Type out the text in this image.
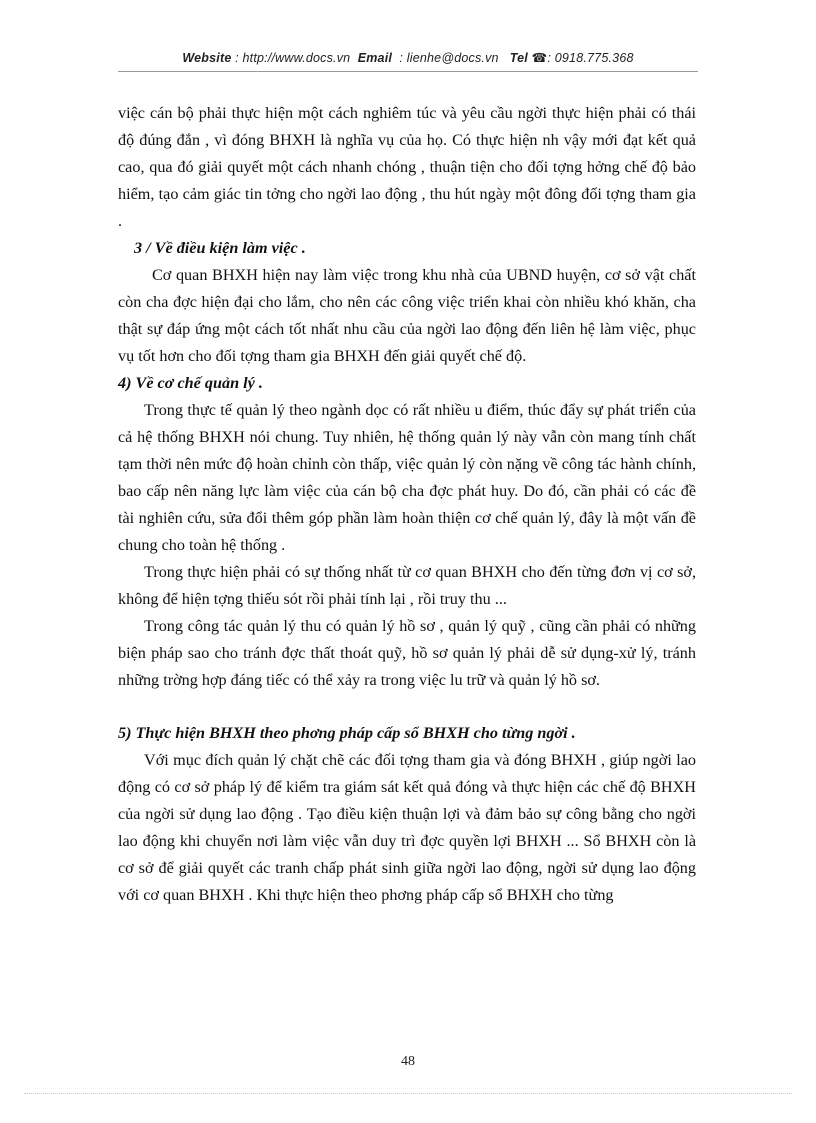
Website : http://www.docs.vn Email : lienhe@docs.vn Tel ☎: 0918.775.368

việc cán bộ phải thực hiện một cách nghiêm túc và yêu cầu ngời thực hiện phải có thái độ đúng đắn , vì đóng BHXH là nghĩa vụ của họ. Có thực hiện nh vậy mới đạt kết quả cao, qua đó giải quyết một cách nhanh chóng , thuận tiện cho đối tợng hởng chế độ bảo hiểm, tạo cảm giác tin tởng cho ngời lao động , thu hút ngày một đông đối tợng tham gia .

3 / Về điều kiện làm việc .

Cơ quan BHXH hiện nay làm việc trong khu nhà của UBND huyện, cơ sở vật chất còn cha đợc hiện đại cho lắm, cho nên các công việc triển khai còn nhiều khó khăn, cha thật sự đáp ứng một cách tốt nhất nhu cầu của ngời lao động đến liên hệ làm việc, phục vụ tốt hơn cho đối tợng tham gia BHXH đến giải quyết chế độ.

4) Về cơ chế quản lý .

Trong thực tế quản lý theo ngành dọc có rất nhiều u điểm, thúc đẩy sự phát triển của cả hệ thống BHXH nói chung. Tuy nhiên, hệ thống quản lý này vẫn còn mang tính chất tạm thời nên mức độ hoàn chỉnh còn thấp, việc quản lý còn nặng về công tác hành chính, bao cấp nên năng lực làm việc của cán bộ cha đợc phát huy. Do đó, cần phải có các đề tài nghiên cứu, sửa đổi thêm góp phần làm hoàn thiện cơ chế quản lý, đây là một vấn đề chung cho toàn hệ thống .

Trong thực hiện phải có sự thống nhất từ cơ quan BHXH cho đến từng đơn vị cơ sở, không để hiện tợng thiếu sót rồi phải tính lại , rồi truy thu ...

Trong công tác quản lý thu có quản lý hồ sơ , quản lý quỹ , cũng cần phải có những biện pháp sao cho tránh đợc thất thoát quỹ, hồ sơ quản lý phải dễ sử dụng-xử lý, tránh những trờng hợp đáng tiếc có thể xảy ra trong việc lu trữ và quản lý hồ sơ.

5) Thực hiện BHXH theo phơng pháp cấp sổ BHXH cho từng ngời .

Với mục đích quản lý chặt chẽ các đối tợng tham gia và đóng BHXH , giúp ngời lao động có cơ sở pháp lý để kiểm tra giám sát kết quả đóng và thực hiện các chế độ BHXH của ngời sử dụng lao động . Tạo điều kiện thuận lợi và đảm bảo sự công bằng cho ngời lao động khi chuyển nơi làm việc vẫn duy trì đợc quyền lợi BHXH ... Sổ BHXH còn là cơ sở để giải quyết các tranh chấp phát sinh giữa ngời lao động, ngời sử dụng lao động với cơ quan BHXH . Khi thực hiện theo phơng pháp cấp sổ BHXH cho từng

48
